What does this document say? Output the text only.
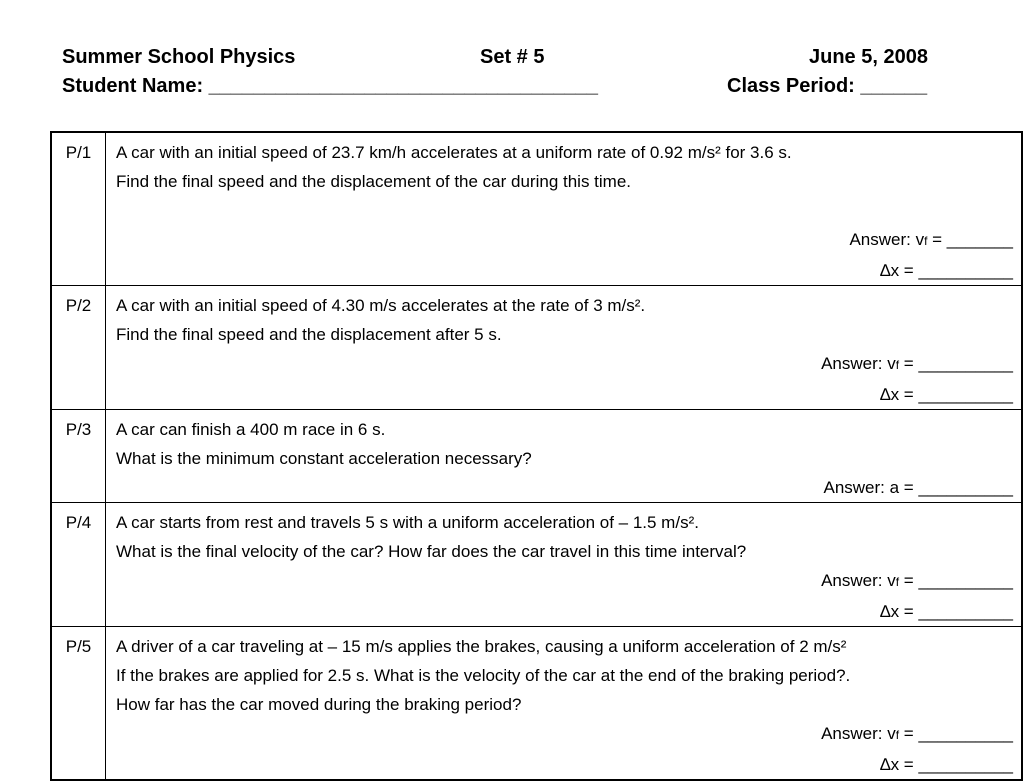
Summer School Physics	Set # 5	June 5, 2008
Student Name: ___________________________________	Class Period: ______
P/1	A car with an initial speed of 23.7 km/h accelerates at a uniform rate of 0.92 m/s² for 3.6 s.
Find the final speed and the displacement of the car during this time.
Answer: vf = _______
∆x = __________

P/2	A car with an initial speed of 4.30 m/s accelerates at the rate of 3 m/s².
Find the final speed and the displacement after 5 s.
Answer: vf = __________
∆x = __________

P/3	A car can finish a 400 m race in 6 s.
What is the minimum constant acceleration necessary?
Answer: a = __________

P/4	A car starts from rest and travels 5 s with a uniform acceleration of – 1.5 m/s².
What is the final velocity of the car? How far does the car travel in this time interval?
Answer: vf = __________
∆x = __________

P/5	A driver of a car traveling at – 15 m/s applies the brakes, causing a uniform acceleration of 2 m/s²
If the brakes are applied for 2.5 s. What is the velocity of the car at the end of the braking period?.
How far has the car moved during the braking period?
Answer: vf = __________
∆x = __________
